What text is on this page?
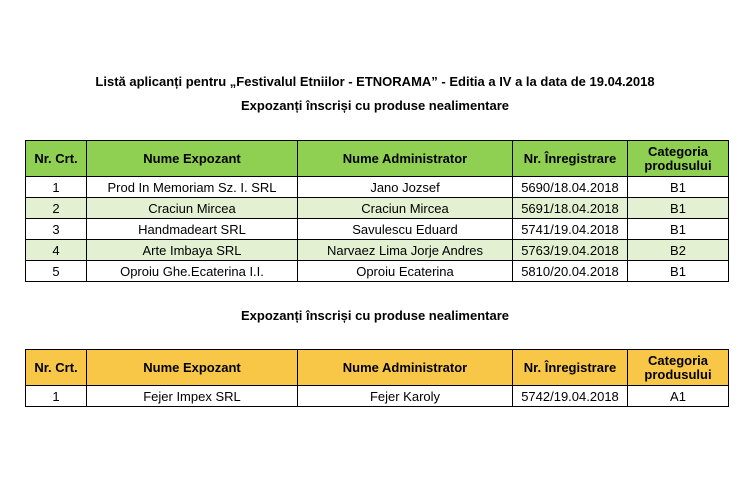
Listă aplicanți pentru „Festivalul Etniilor - ETNORAMA” - Editia a IV a la data de 19.04.2018
Expozanți înscriși cu produse nealimentare
Nr. Crt.	Nume Expozant	Nume Administrator	Nr. Înregistrare	Categoria produsului
1	Prod In Memoriam Sz. I. SRL	Jano Jozsef	5690/18.04.2018	B1
2	Craciun Mircea	Craciun Mircea	5691/18.04.2018	B1
3	Handmadeart SRL	Savulescu Eduard	5741/19.04.2018	B1
4	Arte Imbaya SRL	Narvaez Lima Jorje Andres	5763/19.04.2018	B2
5	Oproiu Ghe.Ecaterina I.I.	Oproiu Ecaterina	5810/20.04.2018	B1
Expozanți înscriși cu produse nealimentare
Nr. Crt.	Nume Expozant	Nume Administrator	Nr. Înregistrare	Categoria produsului
1	Fejer Impex SRL	Fejer Karoly	5742/19.04.2018	A1
